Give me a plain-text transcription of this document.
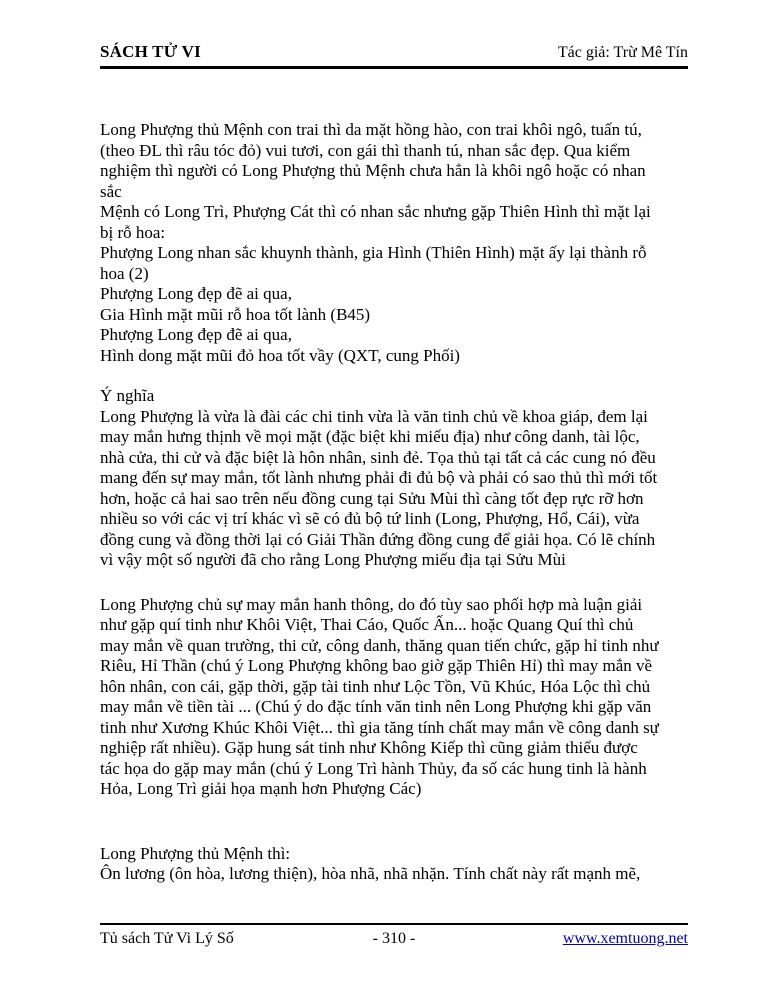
SÁCH TỬ VI	Tác giả: Trừ Mê Tín
Long Phượng thủ Mệnh con trai thì da mặt hồng hào, con trai khôi ngô, tuấn tú,
(theo ĐL thì râu tóc đỏ) vui tươi, con gái thì thanh tú, nhan sắc đẹp. Qua kiểm
nghiệm thì người có Long Phượng thủ Mệnh chưa hẳn là khôi ngô hoặc có nhan
sắc
Mệnh có Long Trì, Phượng Cát thì có nhan sắc nhưng gặp Thiên Hình thì mặt lại
bị rỗ hoa:
Phượng Long nhan sắc khuynh thành, gia Hình (Thiên Hình) mặt ấy lại thành rỗ
hoa (2)
Phượng Long đẹp đẽ ai qua,
Gia Hình mặt mũi rỗ hoa tốt lành (B45)
Phượng Long đẹp đẽ ai qua,
Hình dong mặt mũi đỏ hoa tốt vầy (QXT, cung Phối)
Ý nghĩa
Long Phượng là vừa là đài các chi tinh vừa là văn tinh chủ về khoa giáp, đem lại
may mắn hưng thịnh về mọi mặt (đặc biệt khi miếu địa) như công danh, tài lộc,
nhà cửa, thi cử và đặc biệt là hôn nhân, sinh đẻ. Tọa thủ tại tất cả các cung nó đều
mang đến sự may mắn, tốt lành nhưng phải đi đủ bộ và phải có sao thủ thì mới tốt
hơn, hoặc cả hai sao trên nếu đồng cung tại Sửu Mùi thì càng tốt đẹp rực rỡ hơn
nhiều so với các vị trí khác vì sẽ có đủ bộ tứ linh (Long, Phượng, Hổ, Cái), vừa
đồng cung và đồng thời lại có Giải Thần đứng đồng cung để giải họa. Có lẽ chính
vì vậy một số người đã cho rằng Long Phượng miếu địa tại Sửu Mùi
Long Phượng chủ sự may mắn hanh thông, do đó tùy sao phối hợp mà luận giải
như gặp quí tinh như Khôi Việt, Thai Cáo, Quốc Ấn... hoặc Quang Quí thì chủ
may mắn về quan trường, thi cử, công danh, thăng quan tiến chức, gặp hỉ tinh như
Riêu, Hỉ Thần (chú ý Long Phượng không bao giờ gặp Thiên Hỉ) thì may mắn về
hôn nhân, con cái, gặp thời, gặp tài tinh như Lộc Tồn, Vũ Khúc, Hóa Lộc thì chủ
may mắn về tiền tài ... (Chú ý do đặc tính văn tinh nên Long Phượng khi gặp văn
tinh như Xương Khúc Khôi Việt... thì gia tăng tính chất may mắn về công danh sự
nghiệp rất nhiều). Gặp hung sát tinh như Không Kiếp thì cũng giảm thiểu được
tác họa do gặp may mắn (chú ý Long Trì hành Thủy, đa số các hung tinh là hành
Hỏa, Long Trì giải họa mạnh hơn Phượng Các)
Long Phượng thủ Mệnh thì:
Ôn lương (ôn hòa, lương thiện), hòa nhã, nhã nhặn. Tính chất này rất mạnh mẽ,
Tủ sách Tử Vi Lý Số	- 310 -	www.xemtuong.net
